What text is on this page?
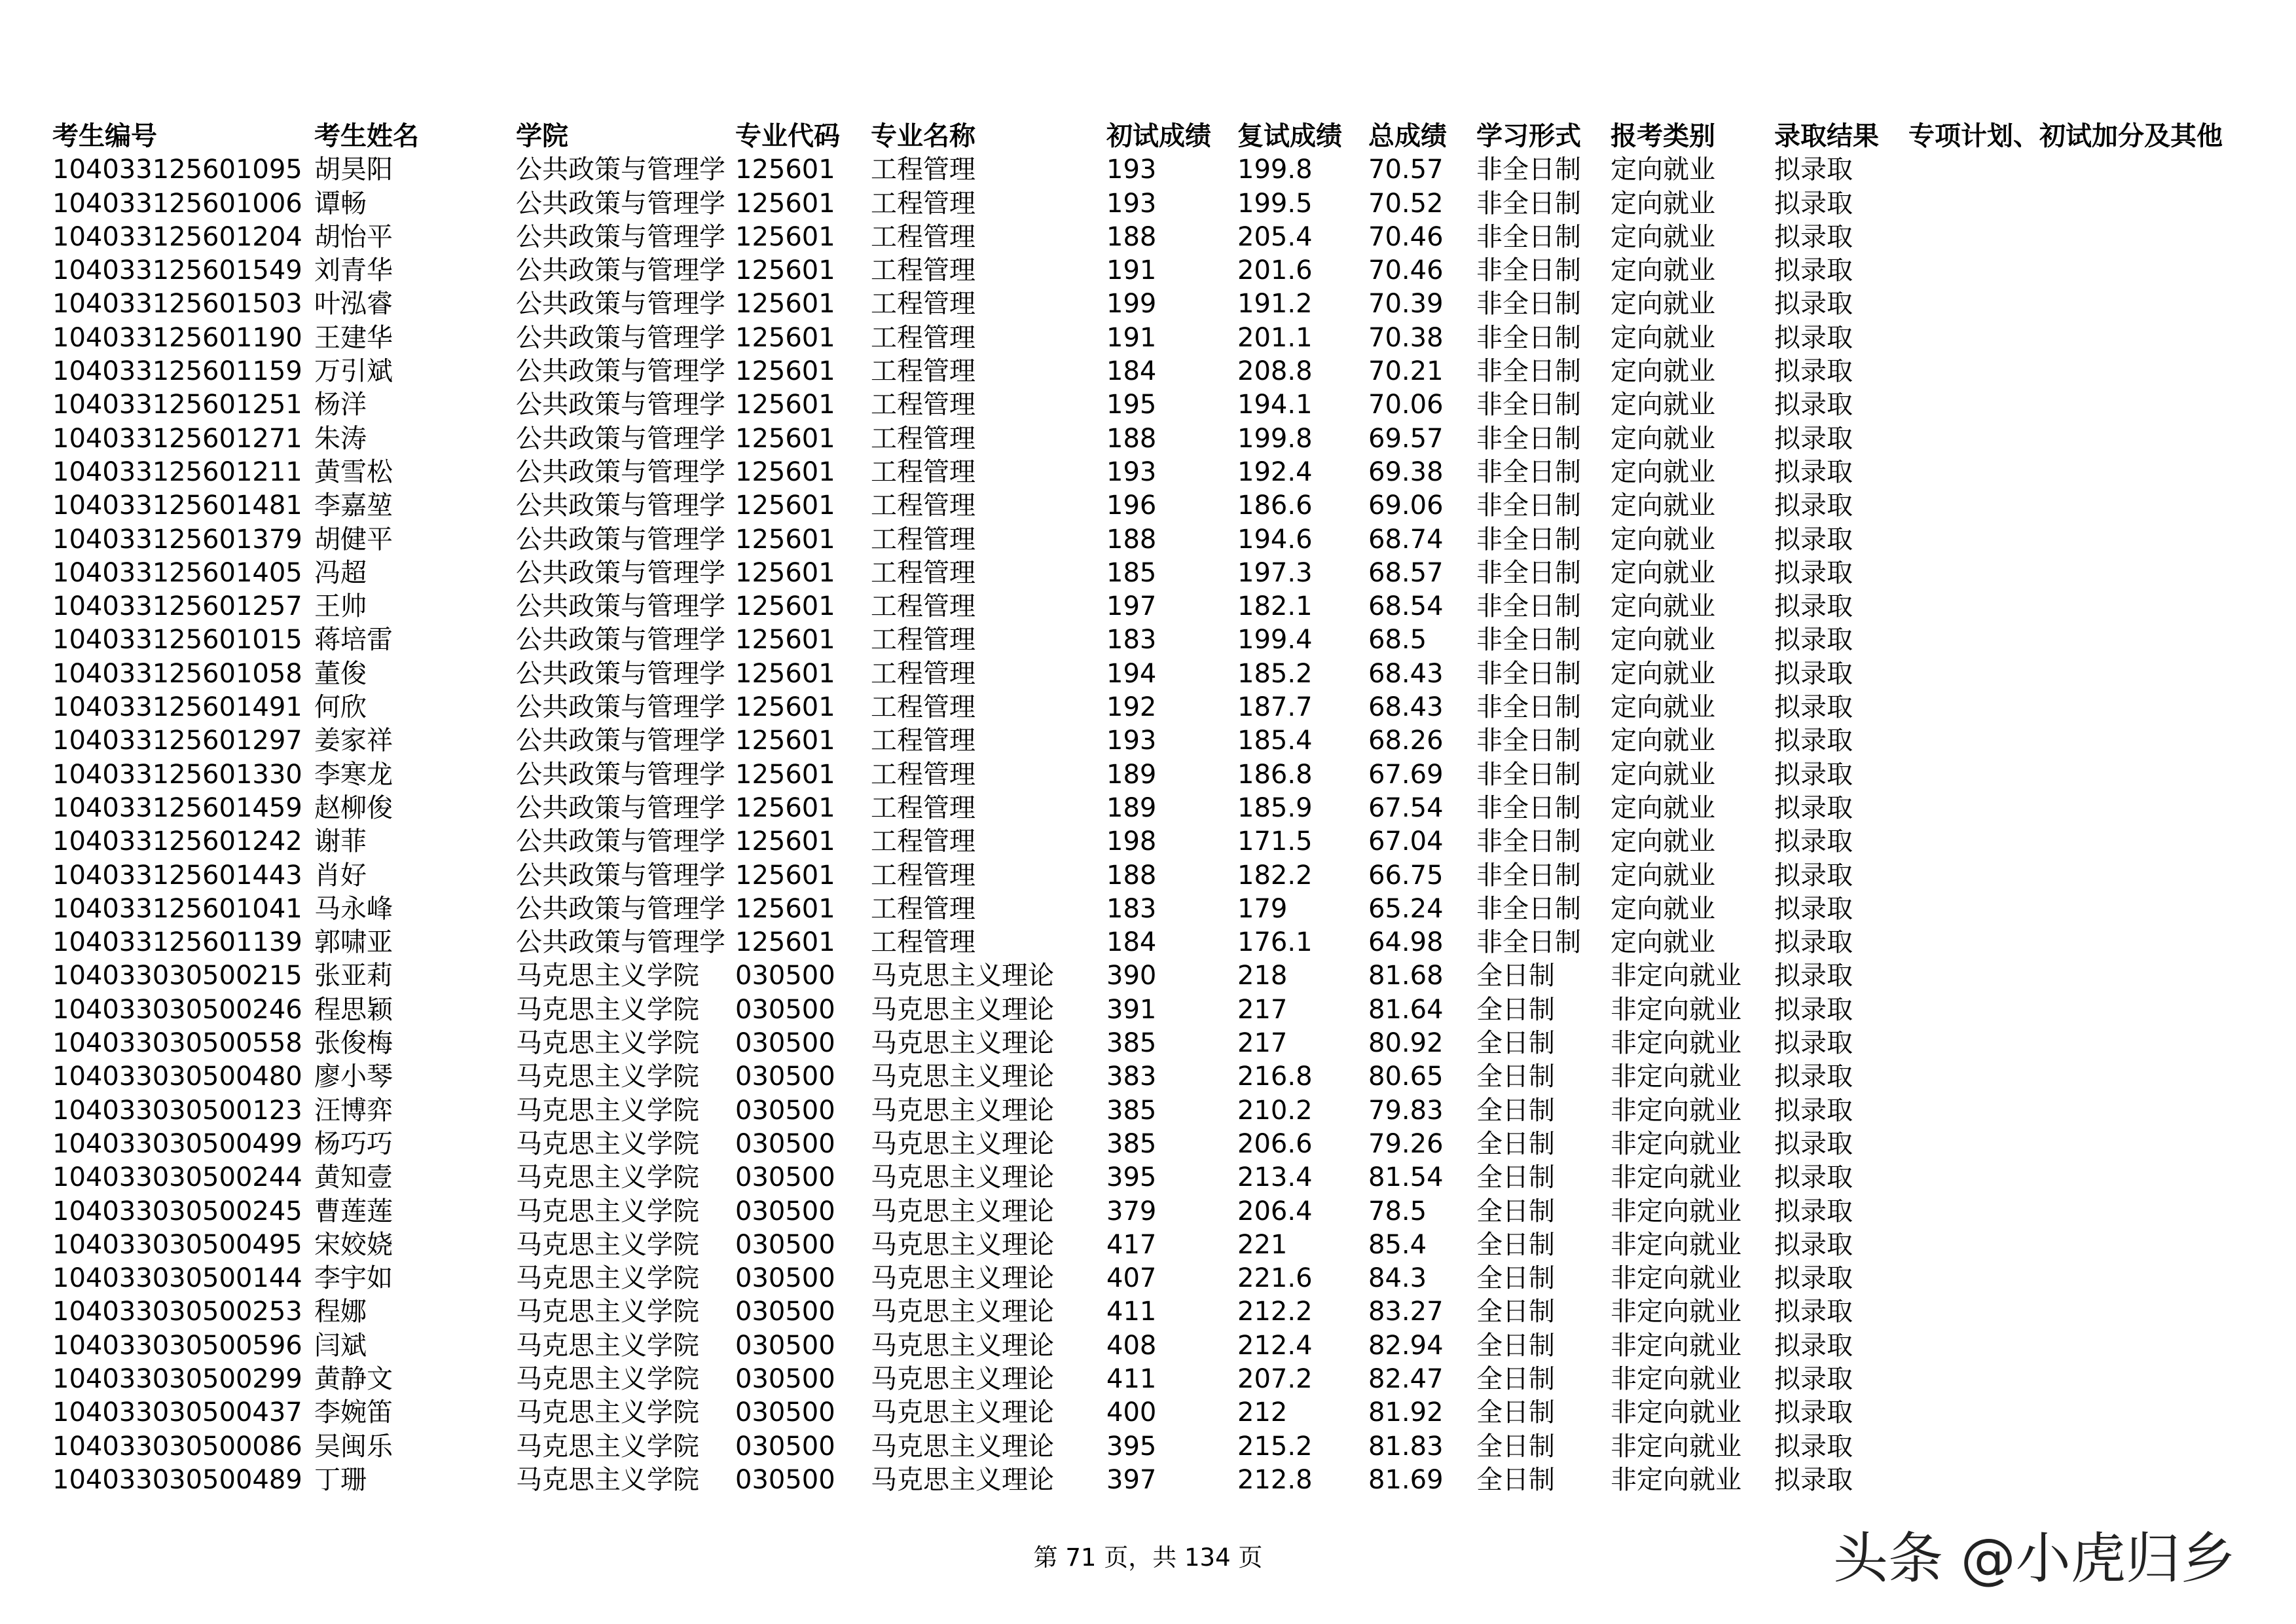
考生编号	考生姓名	学院	专业代码	专业名称	初试成绩	复试成绩	总成绩	学习形式	报考类别	录取结果	专项计划、初试加分及其他
104033125601095	胡昊阳	公共政策与管理学	125601	工程管理	193	199.8	70.57	非全日制	定向就业	拟录取	
104033125601006	谭畅	公共政策与管理学	125601	工程管理	193	199.5	70.52	非全日制	定向就业	拟录取	
104033125601204	胡怡平	公共政策与管理学	125601	工程管理	188	205.4	70.46	非全日制	定向就业	拟录取	
104033125601549	刘青华	公共政策与管理学	125601	工程管理	191	201.6	70.46	非全日制	定向就业	拟录取	
104033125601503	叶泓睿	公共政策与管理学	125601	工程管理	199	191.2	70.39	非全日制	定向就业	拟录取	
104033125601190	王建华	公共政策与管理学	125601	工程管理	191	201.1	70.38	非全日制	定向就业	拟录取	
104033125601159	万引斌	公共政策与管理学	125601	工程管理	184	208.8	70.21	非全日制	定向就业	拟录取	
104033125601251	杨洋	公共政策与管理学	125601	工程管理	195	194.1	70.06	非全日制	定向就业	拟录取	
104033125601271	朱涛	公共政策与管理学	125601	工程管理	188	199.8	69.57	非全日制	定向就业	拟录取	
104033125601211	黄雪松	公共政策与管理学	125601	工程管理	193	192.4	69.38	非全日制	定向就业	拟录取	
104033125601481	李嘉堃	公共政策与管理学	125601	工程管理	196	186.6	69.06	非全日制	定向就业	拟录取	
104033125601379	胡健平	公共政策与管理学	125601	工程管理	188	194.6	68.74	非全日制	定向就业	拟录取	
104033125601405	冯超	公共政策与管理学	125601	工程管理	185	197.3	68.57	非全日制	定向就业	拟录取	
104033125601257	王帅	公共政策与管理学	125601	工程管理	197	182.1	68.54	非全日制	定向就业	拟录取	
104033125601015	蒋培雷	公共政策与管理学	125601	工程管理	183	199.4	68.5	非全日制	定向就业	拟录取	
104033125601058	董俊	公共政策与管理学	125601	工程管理	194	185.2	68.43	非全日制	定向就业	拟录取	
104033125601491	何欣	公共政策与管理学	125601	工程管理	192	187.7	68.43	非全日制	定向就业	拟录取	
104033125601297	姜家祥	公共政策与管理学	125601	工程管理	193	185.4	68.26	非全日制	定向就业	拟录取	
104033125601330	李寒龙	公共政策与管理学	125601	工程管理	189	186.8	67.69	非全日制	定向就业	拟录取	
104033125601459	赵柳俊	公共政策与管理学	125601	工程管理	189	185.9	67.54	非全日制	定向就业	拟录取	
104033125601242	谢菲	公共政策与管理学	125601	工程管理	198	171.5	67.04	非全日制	定向就业	拟录取	
104033125601443	肖好	公共政策与管理学	125601	工程管理	188	182.2	66.75	非全日制	定向就业	拟录取	
104033125601041	马永峰	公共政策与管理学	125601	工程管理	183	179	65.24	非全日制	定向就业	拟录取	
104033125601139	郭啸亚	公共政策与管理学	125601	工程管理	184	176.1	64.98	非全日制	定向就业	拟录取	
104033030500215	张亚莉	马克思主义学院	030500	马克思主义理论	390	218	81.68	全日制	非定向就业	拟录取	
104033030500246	程思颖	马克思主义学院	030500	马克思主义理论	391	217	81.64	全日制	非定向就业	拟录取	
104033030500558	张俊梅	马克思主义学院	030500	马克思主义理论	385	217	80.92	全日制	非定向就业	拟录取	
104033030500480	廖小琴	马克思主义学院	030500	马克思主义理论	383	216.8	80.65	全日制	非定向就业	拟录取	
104033030500123	汪博弈	马克思主义学院	030500	马克思主义理论	385	210.2	79.83	全日制	非定向就业	拟录取	
104033030500499	杨巧巧	马克思主义学院	030500	马克思主义理论	385	206.6	79.26	全日制	非定向就业	拟录取	
104033030500244	黄知壹	马克思主义学院	030500	马克思主义理论	395	213.4	81.54	全日制	非定向就业	拟录取	
104033030500245	曹莲莲	马克思主义学院	030500	马克思主义理论	379	206.4	78.5	全日制	非定向就业	拟录取	
104033030500495	宋姣娆	马克思主义学院	030500	马克思主义理论	417	221	85.4	全日制	非定向就业	拟录取	
104033030500144	李宇如	马克思主义学院	030500	马克思主义理论	407	221.6	84.3	全日制	非定向就业	拟录取	
104033030500253	程娜	马克思主义学院	030500	马克思主义理论	411	212.2	83.27	全日制	非定向就业	拟录取	
104033030500596	闫斌	马克思主义学院	030500	马克思主义理论	408	212.4	82.94	全日制	非定向就业	拟录取	
104033030500299	黄静文	马克思主义学院	030500	马克思主义理论	411	207.2	82.47	全日制	非定向就业	拟录取	
104033030500437	李婉笛	马克思主义学院	030500	马克思主义理论	400	212	81.92	全日制	非定向就业	拟录取	
104033030500086	吴闽乐	马克思主义学院	030500	马克思主义理论	395	215.2	81.83	全日制	非定向就业	拟录取	
104033030500489	丁珊	马克思主义学院	030500	马克思主义理论	397	212.8	81.69	全日制	非定向就业	拟录取	
第 71 页，共 134 页	头条 @小虎归乡
